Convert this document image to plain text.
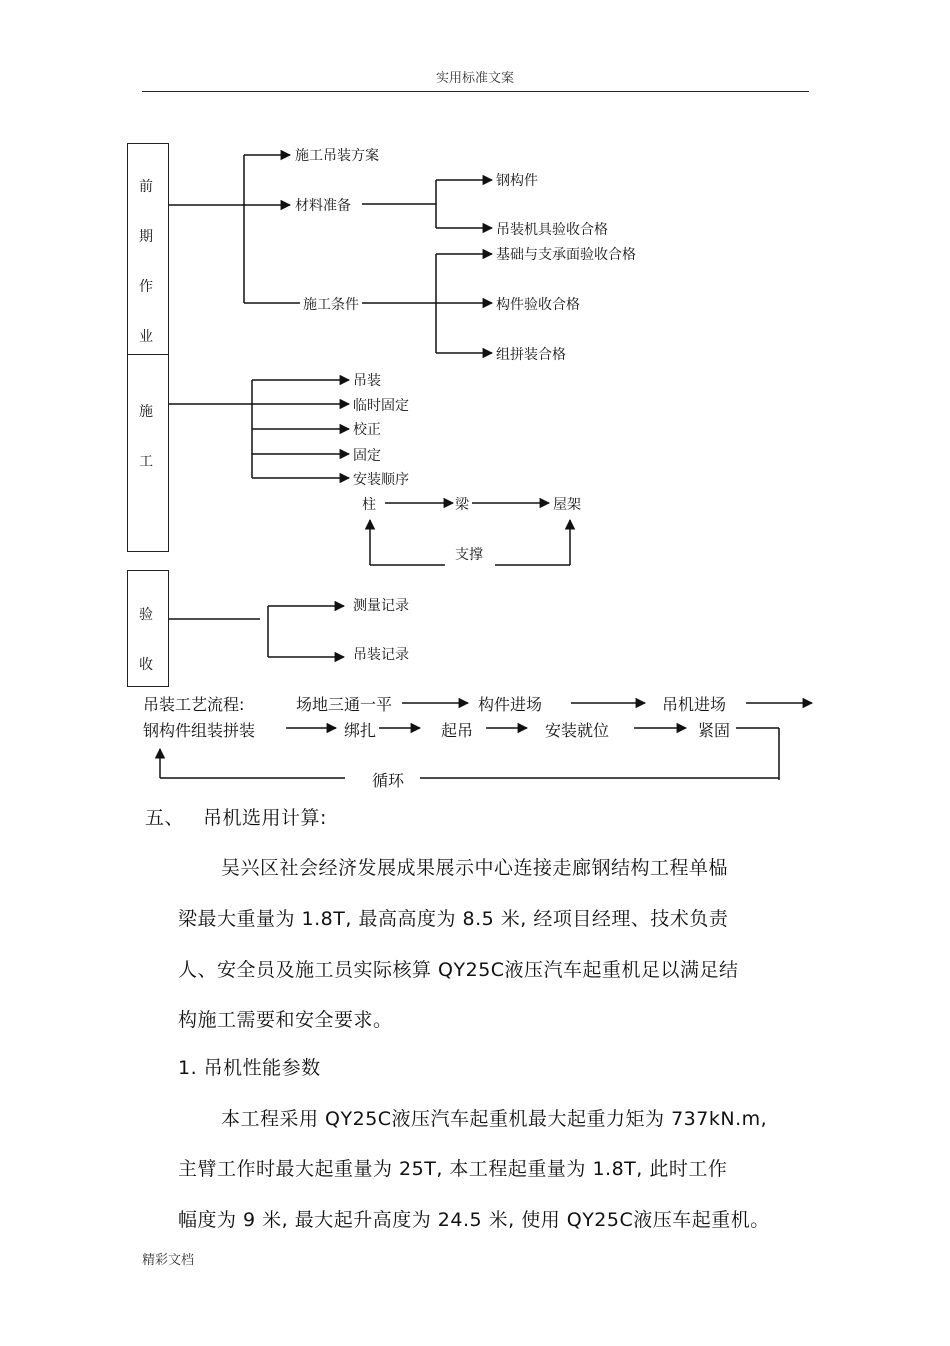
实用标准文案
前
期
作
业
施
工
验
收
施工吊装方案
材料准备
施工条件
钢构件
吊装机具验收合格
基础与支承面验收合格
构件验收合格
组拼装合格
吊装
临时固定
校正
固定
安装顺序
柱	梁	屋架
支撑
测量记录
吊装记录
吊装工艺流程:	场地三通一平	构件进场	吊机进场
钢构件组装拼装	绑扎	起吊	安装就位	紧固
循环
五、 吊机选用计算:
吴兴区社会经济发展成果展示中心连接走廊钢结构工程单榀
梁最大重量为 1.8T, 最高高度为 8.5 米, 经项目经理、技术负责
人、安全员及施工员实际核算 QY25C液压汽车起重机足以满足结
构施工需要和安全要求。
1. 吊机性能参数
本工程采用 QY25C液压汽车起重机最大起重力矩为 737kN.m,
主臂工作时最大起重量为 25T, 本工程起重量为 1.8T, 此时工作
幅度为 9 米, 最大起升高度为 24.5 米, 使用 QY25C液压车起重机。
精彩文档
